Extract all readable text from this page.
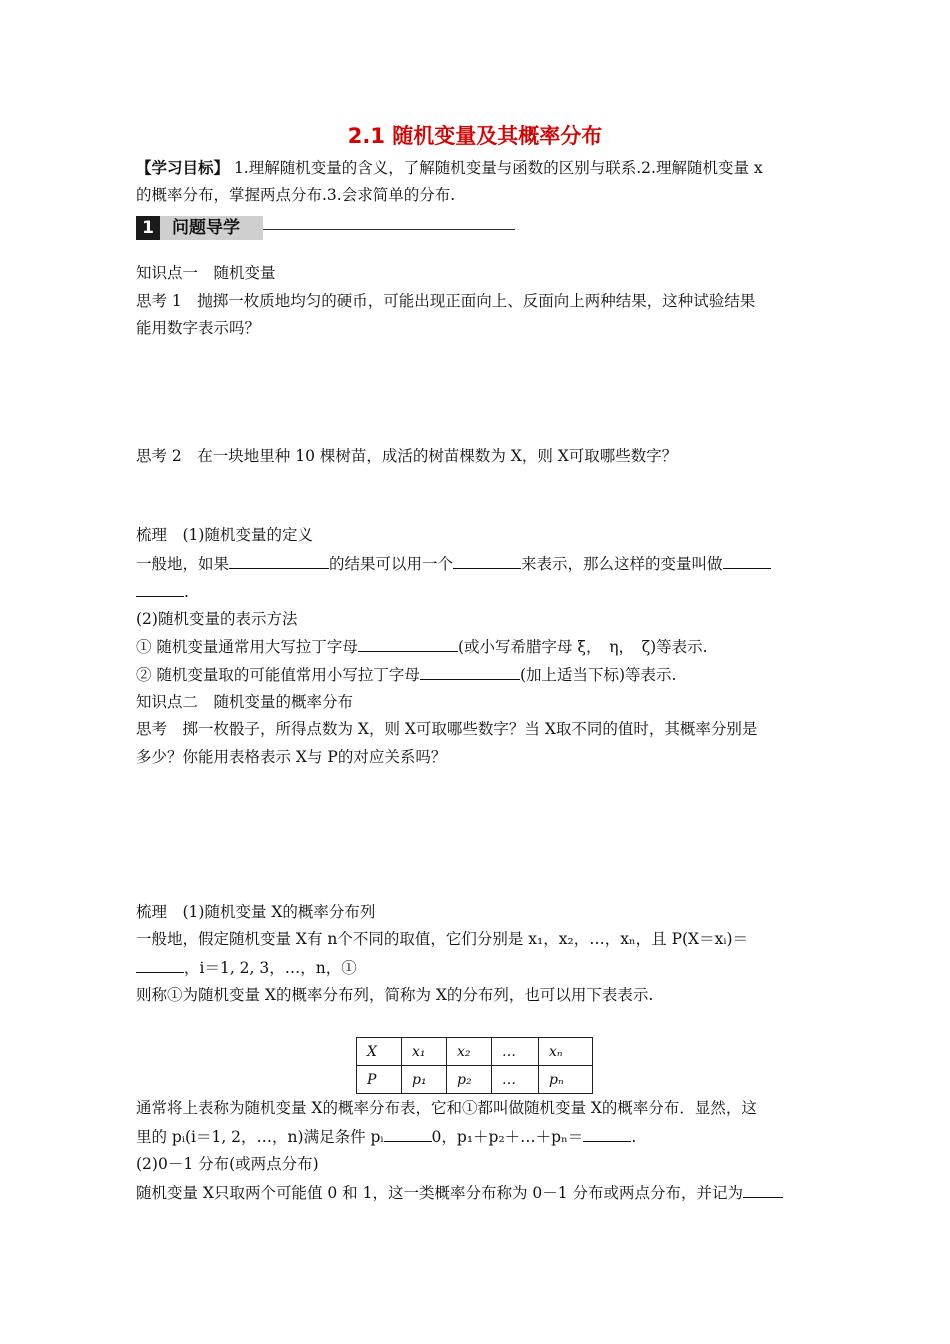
2.1 随机变量及其概率分布
【学习目标】 1.理解随机变量的含义，了解随机变量与函数的区别与联系.2.理解随机变量 x
的概率分布，掌握两点分布.3.会求简单的分布.
1	问题导学
知识点一　随机变量
思考 1　抛掷一枚质地均匀的硬币，可能出现正面向上、反面向上两种结果，这种试验结果
能用数字表示吗？
思考 2　在一块地里种 10 棵树苗，成活的树苗棵数为 X，则 X可取哪些数字？
梳理　(1)随机变量的定义
一般地，如果	的结果可以用一个	来表示，那么这样的变量叫做
.
(2)随机变量的表示方法
① 随机变量通常用大写拉丁字母	(或小写希腊字母 ξ，　η，　ζ)等表示.
② 随机变量取的可能值常用小写拉丁字母	(加上适当下标)等表示.
知识点二　随机变量的概率分布
思考　掷一枚骰子，所得点数为 X，则 X可取哪些数字？当 X取不同的值时，其概率分别是
多少？你能用表格表示 X与 P的对应关系吗？
梳理　(1)随机变量 X的概率分布列
一般地，假定随机变量 X有 n个不同的取值，它们分别是 x₁，x₂，…，xₙ，且 P(X＝xᵢ)＝
，i＝1, 2, 3，…，n，①
则称①为随机变量 X的概率分布列，简称为 X的分布列，也可以用下表表示.
X	x₁	x₂	…	xₙ
P	p₁	p₂	…	pₙ
通常将上表称为随机变量 X的概率分布表，它和①都叫做随机变量 X的概率分布．显然，这
里的 pᵢ(i＝1, 2，…，n)满足条件 pᵢ	0，p₁＋p₂＋…＋pₙ＝	.
(2)0－1 分布(或两点分布)
随机变量 X只取两个可能值 0 和 1，这一类概率分布称为 0－1 分布或两点分布，并记为
